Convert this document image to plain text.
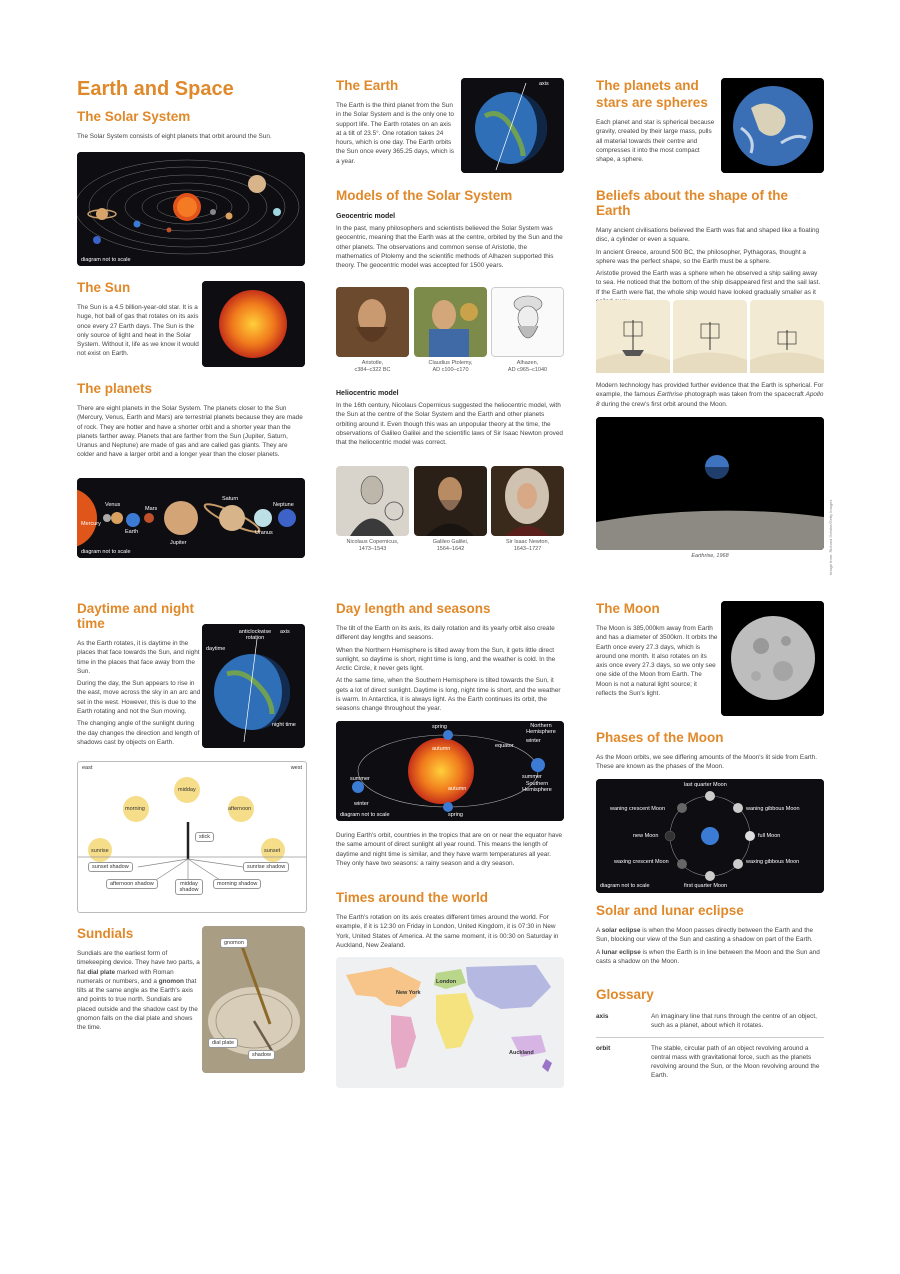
Earth and Space
The Solar System

The Solar System consists of eight planets that orbit around the Sun.

diagram not to scale
The Sun

The Sun is a 4.5 billion-year-old star. It is a huge, hot ball of gas that rotates on its axis once every 27 Earth days. The Sun is the only source of light and heat in the Solar System. Without it, life as we know it would not exist on Earth.

The planets

There are eight planets in the Solar System. The planets closer to the Sun (Mercury, Venus, Earth and Mars) are terrestrial planets because they are made of rock. They are hotter and have a shorter orbit and a shorter year than the planets farther away. Planets that are farther from the Sun (Jupiter, Saturn, Uranus and Neptune) are made of gas and are called gas giants. They are colder and have a larger orbit and a longer year than the closer planets.

Venus
Mercury
Earth
Mars
Jupiter
Saturn
Uranus
Neptune
diagram not to scale
Daytime and night time

As the Earth rotates, it is daytime in the places that face towards the Sun, and night time in the places that face away from the Sun.

During the day, the Sun appears to rise in the east, move across the sky in an arc and set in the west. However, this is due to the Earth rotating and not the Sun moving.

The changing angle of the sunlight during the day changes the direction and length of shadows cast by objects on Earth.

anticlockwise rotation
axis
daytime
night time
east	west
midday
morning	afternoon
sunrise	sunset
stick
sunset shadow	sunrise shadow
afternoon shadow	midday shadow
morning shadow
Sundials

Sundials are the earliest form of timekeeping device. They have two parts, a flat dial plate marked with Roman numerals or numbers, and a gnomon that tilts at the same angle as the Earth's axis and points to true north. Sundials are placed outside and the shadow cast by the gnomon falls on the dial plate and shows the time.

gnomon
dial plate
shadow
The Earth

The Earth is the third planet from the Sun in the Solar System and is the only one to support life. The Earth rotates on an axis at a tilt of 23.5°. One rotation takes 24 hours, which is one day. The Earth orbits the Sun once every 365.25 days, which is a year.

axis
Models of the Solar System
Geocentric model

In the past, many philosophers and scientists believed the Solar System was geocentric, meaning that the Earth was at the centre, orbited by the Sun and the other planets. The observations and common sense of Aristotle, the mathematics of Ptolemy and the scientific methods of Alhazen supported this theory. The geocentric model was accepted for 1500 years.

Aristotle,
c384–c322 BC
Claudius Ptolemy,
AD c100–c170
Alhazen,
AD c965–c1040
Heliocentric model

In the 16th century, Nicolaus Copernicus suggested the heliocentric model, with the Sun at the centre of the Solar System and the Earth and other planets orbiting around it. Even though this was an unpopular theory at the time, the observations of Galileo Galilei and the scientific laws of Sir Isaac Newton proved that the heliocentric model was correct.

Nicolaus Copernicus,
1473–1543
Galileo Galilei,
1564–1642
Sir Isaac Newton,
1643–1727
Day length and seasons

The tilt of the Earth on its axis, its daily rotation and its yearly orbit also create different day lengths and seasons.

When the Northern Hemisphere is tilted away from the Sun, it gets little direct sunlight, so daytime is short, night time is long, and the weather is cold. In the Arctic Circle, it never gets light.

At the same time, when the Southern Hemisphere is tilted towards the Sun, it gets a lot of direct sunlight. Daytime is long, night time is short, and the weather is warm. In Antarctica, it is always light. As the Earth continues its orbit, the seasons change throughout the year.

spring
autumn
Northern Hemisphere
winter
equator
summer
winter
summer
Southern Hemisphere
autumn
spring
diagram not to scale

During Earth's orbit, countries in the tropics that are on or near the equator have the same amount of direct sunlight all year round. This means the length of daytime and night time is similar, and they have warm temperatures all year. They only have two seasons: a rainy season and a dry season.

Times around the world

The Earth's rotation on its axis creates different times around the world. For example, if it is 12:30 on Friday in London, United Kingdom, it is 07:30 in New York, United States of America. At the same moment, it is 00:30 on Saturday in Auckland, New Zealand.

New York
London
Auckland
The planets and
stars are spheres

Each planet and star is spherical because gravity, created by their large mass, pulls all material towards their centre and compresses it into the most compact shape, a sphere.

Beliefs about the shape of the Earth

Many ancient civilisations believed the Earth was flat and shaped like a floating disc, a cylinder or even a square.

In ancient Greece, around 500 BC, the philosopher, Pythagoras, thought a sphere was the perfect shape, so the Earth must be a sphere.

Aristotle proved the Earth was a sphere when he observed a ship sailing away to sea. He noticed that the bottom of the ship disappeared first and the sail last. If the Earth were flat, the whole ship would have looked gradually smaller as it

Modern technology has provided further evidence that the Earth is spherical. For example, the famous Earthrise photograph was taken from the spacecraft Apollo 8 during the crew's first orbit around the Moon.

Earthrise, 1968	Image from: Richard Gehrke/Getty Images
The Moon

The Moon is 385,000km away from Earth and has a diameter of 3500km. It orbits the Earth once every 27.3 days, which is around one month. It also rotates on its axis once every 27.3 days, so we only see one side of the Moon from Earth. The Moon is not a natural light source; it reflects the Sun's light.

Phases of the Moon

As the Moon orbits, we see differing amounts of the Moon's lit side from Earth. These are known as the phases of the Moon.

last quarter Moon
waning crescent Moon	waning gibbous Moon
new Moon	full Moon
waxing crescent Moon	waxing gibbous Moon
first quarter Moon
diagram not to scale
Solar and lunar eclipse

A solar eclipse is when the Moon passes directly between the Earth and the Sun, blocking our view of the Sun and casting a shadow on part of the Earth.

A lunar eclipse is when the Earth is in line between the Moon and the Sun and casts a shadow on the Moon.

Glossary
axis	An imaginary line that runs through the centre of an object, such as a planet, about which it rotates.
orbit	The stable, circular path of an object revolving around a central mass with gravitational force, such as the planets revolving around the Sun, or the Moon revolving around the Earth.
